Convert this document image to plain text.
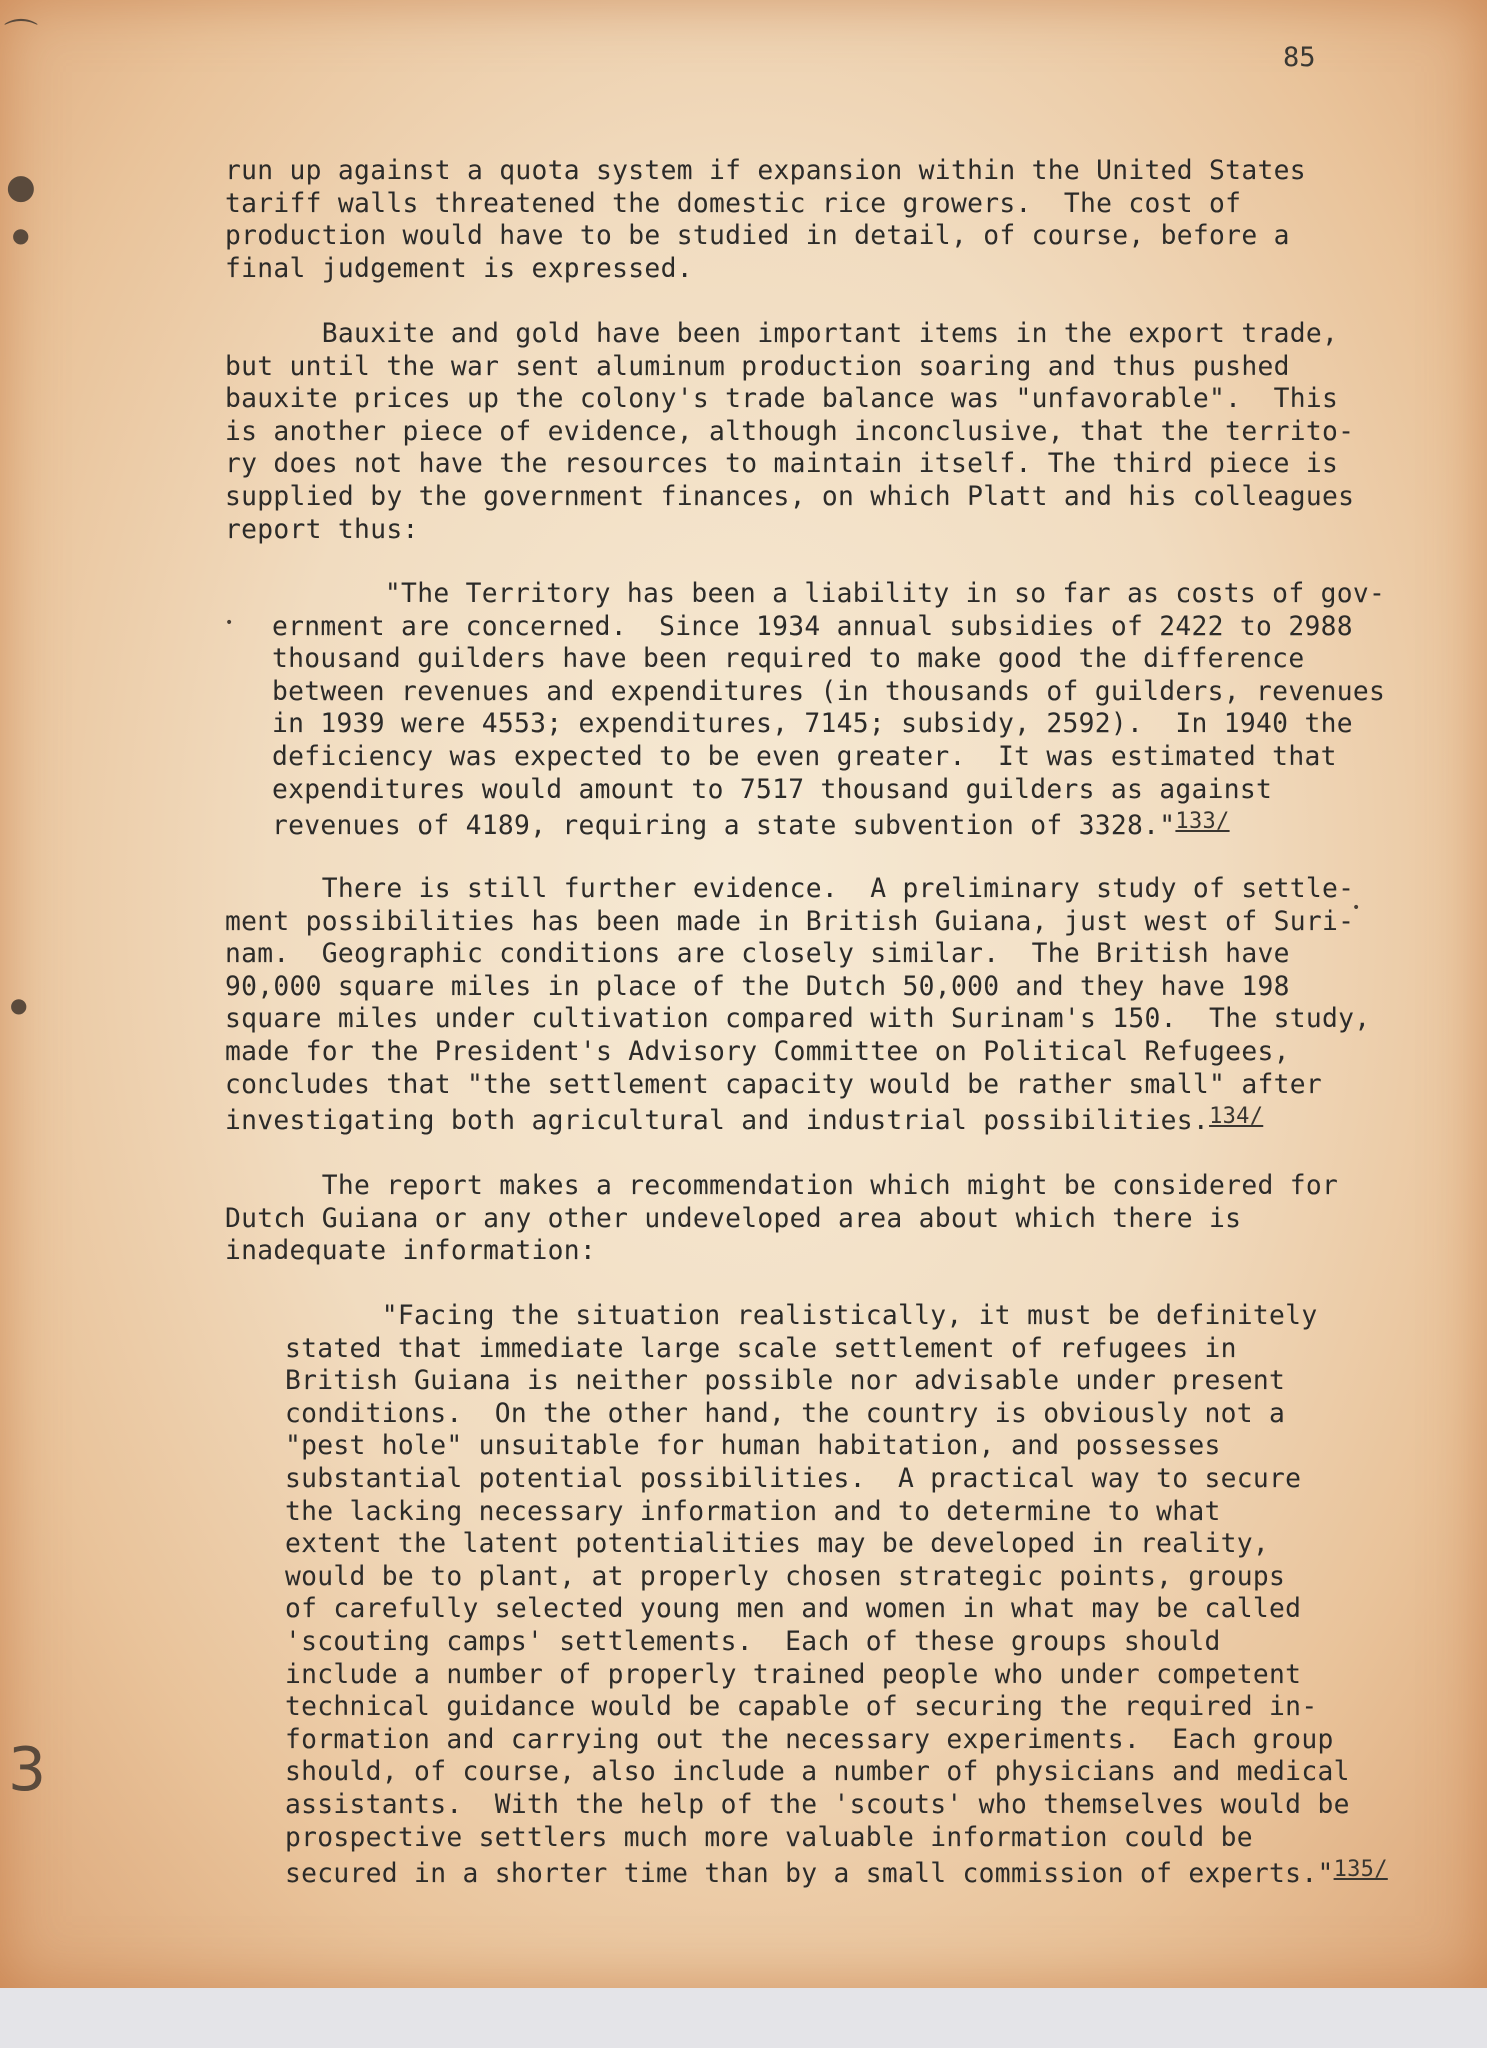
⌒
●
●
●
3
•
•
85
run up against a quota system if expansion within the United States
tariff walls threatened the domestic rice growers.  The cost of
production would have to be studied in detail, of course, before a
final judgement is expressed.
Bauxite and gold have been important items in the export trade,
but until the war sent aluminum production soaring and thus pushed
bauxite prices up the colony's trade balance was "unfavorable".  This
is another piece of evidence, although inconclusive, that the territo-
ry does not have the resources to maintain itself. The third piece is
supplied by the government finances, on which Platt and his colleagues
report thus:
"The Territory has been a liability in so far as costs of gov-
ernment are concerned.  Since 1934 annual subsidies of 2422 to 2988
thousand guilders have been required to make good the difference
between revenues and expenditures (in thousands of guilders, revenues
in 1939 were 4553; expenditures, 7145; subsidy, 2592).  In 1940 the
deficiency was expected to be even greater.  It was estimated that
expenditures would amount to 7517 thousand guilders as against
revenues of 4189, requiring a state subvention of 3328."$^{133/}$
There is still further evidence.  A preliminary study of settle-
ment possibilities has been made in British Guiana, just west of Suri-
nam.  Geographic conditions are closely similar.  The British have
90,000 square miles in place of the Dutch 50,000 and they have 198
square miles under cultivation compared with Surinam's 150.  The study,
made for the President's Advisory Committee on Political Refugees,
concludes that "the settlement capacity would be rather small" after
investigating both agricultural and industrial possibilities.$^{134/}$
The report makes a recommendation which might be considered for
Dutch Guiana or any other undeveloped area about which there is
inadequate information:
"Facing the situation realistically, it must be definitely
stated that immediate large scale settlement of refugees in
British Guiana is neither possible nor advisable under present
conditions.  On the other hand, the country is obviously not a
"pest hole" unsuitable for human habitation, and possesses
substantial potential possibilities.  A practical way to secure
the lacking necessary information and to determine to what
extent the latent potentialities may be developed in reality,
would be to plant, at properly chosen strategic points, groups
of carefully selected young men and women in what may be called
'scouting camps' settlements.  Each of these groups should
include a number of properly trained people who under competent
technical guidance would be capable of securing the required in-
formation and carrying out the necessary experiments.  Each group
should, of course, also include a number of physicians and medical
assistants.  With the help of the 'scouts' who themselves would be
prospective settlers much more valuable information could be
secured in a shorter time than by a small commission of experts."$^{135/}$
